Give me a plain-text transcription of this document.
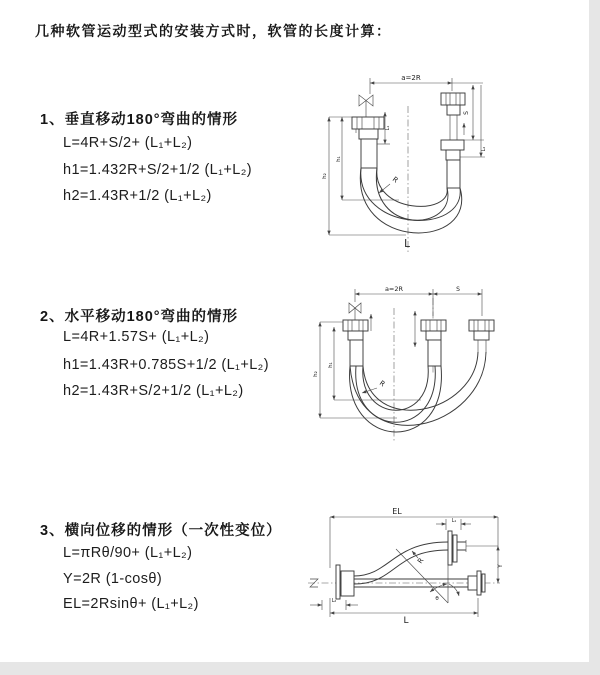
几种软管运动型式的安装方式时，软管的长度计算：
1、垂直移动180°弯曲的情形
L=4R+S/2+ (L₁+L₂)
h1=1.432R+S/2+1/2 (L₁+L₂)
h2=1.43R+1/2 (L₁+L₂)
2、水平移动180°弯曲的情形
L=4R+1.57S+ (L₁+L₂)
h1=1.43R+0.785S+1/2 (L₁+L₂)
h2=1.43R+S/2+1/2 (L₁+L₂)
3、横向位移的情形（一次性变位）
L=πRθ/90+ (L₁+L₂)
Y=2R (1-cosθ)
EL=2Rsinθ+ (L₁+L₂)
a=2R
S
L₂
L₁
h₁
h₂	R
L
a=2R	S
h₁
h₂
R
EL
L₁
Y
L
L₂	θ
R
